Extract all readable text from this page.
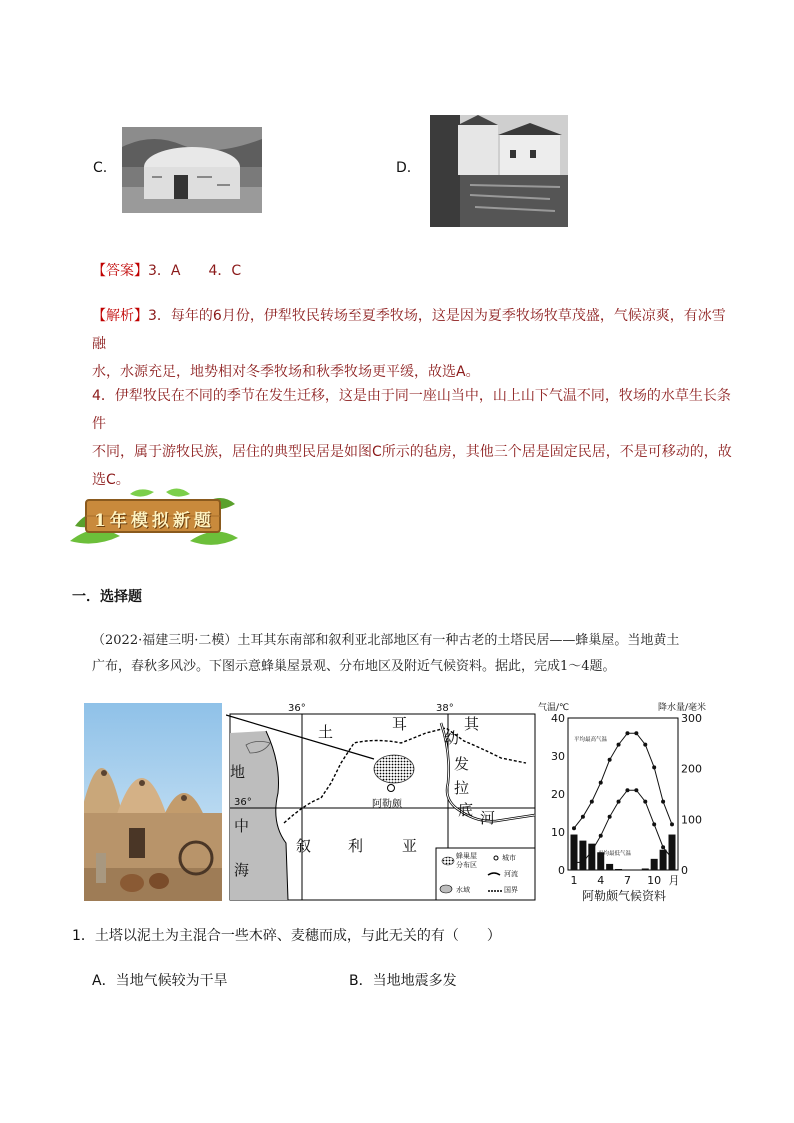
C.	D.
【答案】3．A　　4．C
【解析】3．每年的6月份，伊犁牧民转场至夏季牧场，这是因为夏季牧场牧草茂盛，气候凉爽，有冰雪融
水，水源充足，地势相对冬季牧场和秋季牧场更平缓，故选A。
4．伊犁牧民在不同的季节在发生迁移，这是由于同一座山当中，山上山下气温不同，牧场的水草生长条件
不同，属于游牧民族，居住的典型民居是如图C所示的毡房，其他三个居是固定民居，不是可移动的，故
选C。
1年模拟新题
一．选择题
（2022·福建三明·二模）土耳其东南部和叙利亚北部地区有一种古老的土塔民居——蜂巢屋。当地黄土
广布，春秋多风沙。下图示意蜂巢屋景观、分布地区及附近气候资料。据此，完成1～4题。
36°	38°
36°
土	耳	其
地
中
海
叙 利	亚
幼
发
拉
底 河
阿勒颇
蜂巢屋
分布区
城市
河流
水域	国界
平均最高气温
平均最低气温
40
30
20
10
0
300
200
100
0
1 4 7 10 月
气温/℃	降水量/毫米
阿勒颇气候资料
1．土塔以泥土为主混合一些木碎、麦穗而成，与此无关的有（　　）
A．当地气候较为干旱	B．当地地震多发
